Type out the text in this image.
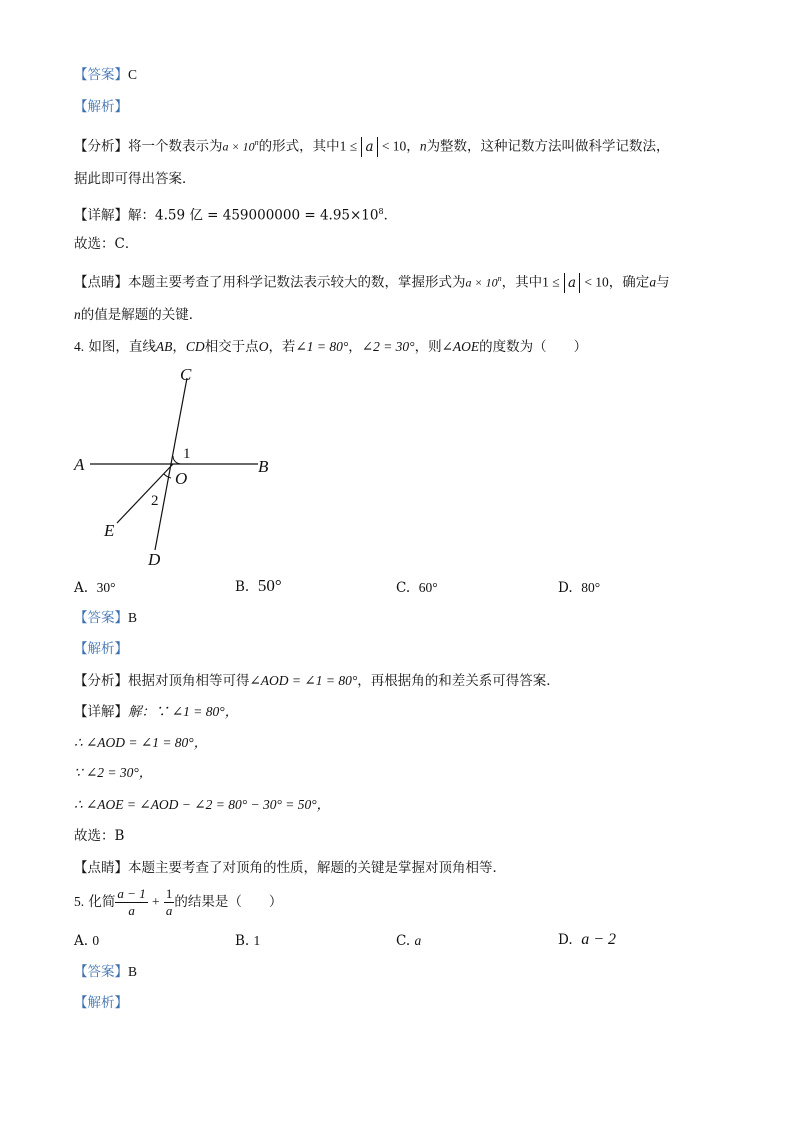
【答案】C
【解析】
【分析】将一个数表示为$a \times 10^n$的形式，其中1 ≤ a < 10，n为整数，这种记数方法叫做科学记数法，
据此即可得出答案．
【详解】解：4.59 亿 = $459000000 = 4.95\times 10^8$．
故选：C．
【点睛】本题主要考查了用科学记数法表示较大的数，掌握形式为$a \times 10^n$，其中1 ≤ a < 10，确定a与
n的值是解题的关键．
4. 如图，直线AB，CD相交于点O，若∠1 = 80°，∠2 = 30°，则∠AOE的度数为（　　）
C
A	B
O
1
2
E
D
A. 30°	B. 50°	C. 60°	D. 80°
【答案】B
【解析】
【分析】根据对顶角相等可得∠AOD = ∠1 = 80°，再根据角的和差关系可得答案．
【详解】解：∵ ∠1 = 80°，
∴ ∠AOD = ∠1 = 80°，
∵ ∠2 = 30°，
∴ ∠AOE = ∠AOD − ∠2 = 80° − 30° = 50°，
故选：B
【点睛】本题主要考查了对顶角的性质，解题的关键是掌握对顶角相等．
5. 化简 $\frac{a - 1}{a} + \frac{1}{a}$ 的结果是（　　）
A. 0	B. 1	C. a	D. a − 2
【答案】B
【解析】
